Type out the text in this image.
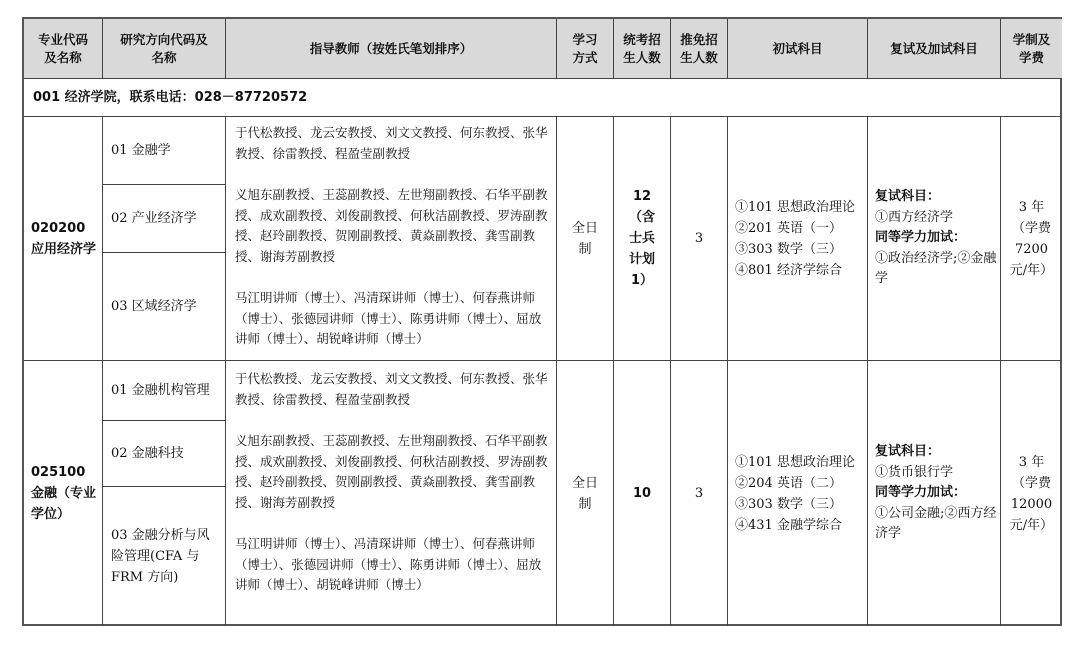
专业代码
及名称
研究方向代码及
名称
指导教师（按姓氏笔划排序）
学习
方式
统考招
生人数
推免招
生人数
初试科目	复试及加试科目
学制及
学费
001 经济学院，联系电话：028－87720572
020200 应用经济学
01 金融学
02 产业经济学
03 区域经济学

于代松教授、龙云安教授、刘文文教授、何东教授、张华教授、徐雷教授、程盈莹副教授

义旭东副教授、王蕊副教授、左世翔副教授、石华平副教授、成欢副教授、刘俊副教授、何秋洁副教授、罗涛副教授、赵玲副教授、贺刚副教授、黄焱副教授、龚雪副教授、谢海芳副教授

马江明讲师（博士）、冯清琛讲师（博士）、何春燕讲师（博士）、张德园讲师（博士）、陈勇讲师（博士）、屈放讲师（博士）、胡锐峰讲师（博士）

全日制
12（含士兵计划 1）
3
①101 思想政治理论
②201 英语（一）
③303 数学（三）
④801 经济学综合
复试科目：
①西方经济学
同等学力加试：
①政治经济学;②金融学
3 年（学费 7200 元/年）
025100 金融（专业学位）
01 金融机构管理
02 金融科技
03 金融分析与风险管理(CFA 与 FRM 方向)

于代松教授、龙云安教授、刘文文教授、何东教授、张华教授、徐雷教授、程盈莹副教授

义旭东副教授、王蕊副教授、左世翔副教授、石华平副教授、成欢副教授、刘俊副教授、何秋洁副教授、罗涛副教授、赵玲副教授、贺刚副教授、黄焱副教授、龚雪副教授、谢海芳副教授

马江明讲师（博士）、冯清琛讲师（博士）、何春燕讲师（博士）、张德园讲师（博士）、陈勇讲师（博士）、屈放讲师（博士）、胡锐峰讲师（博士）

全日制
10	3
①101 思想政治理论
②204 英语（二）
③303 数学（三）
④431 金融学综合
复试科目：
①货币银行学
同等学力加试：
①公司金融;②西方经济学
3 年（学费 12000 元/年）
